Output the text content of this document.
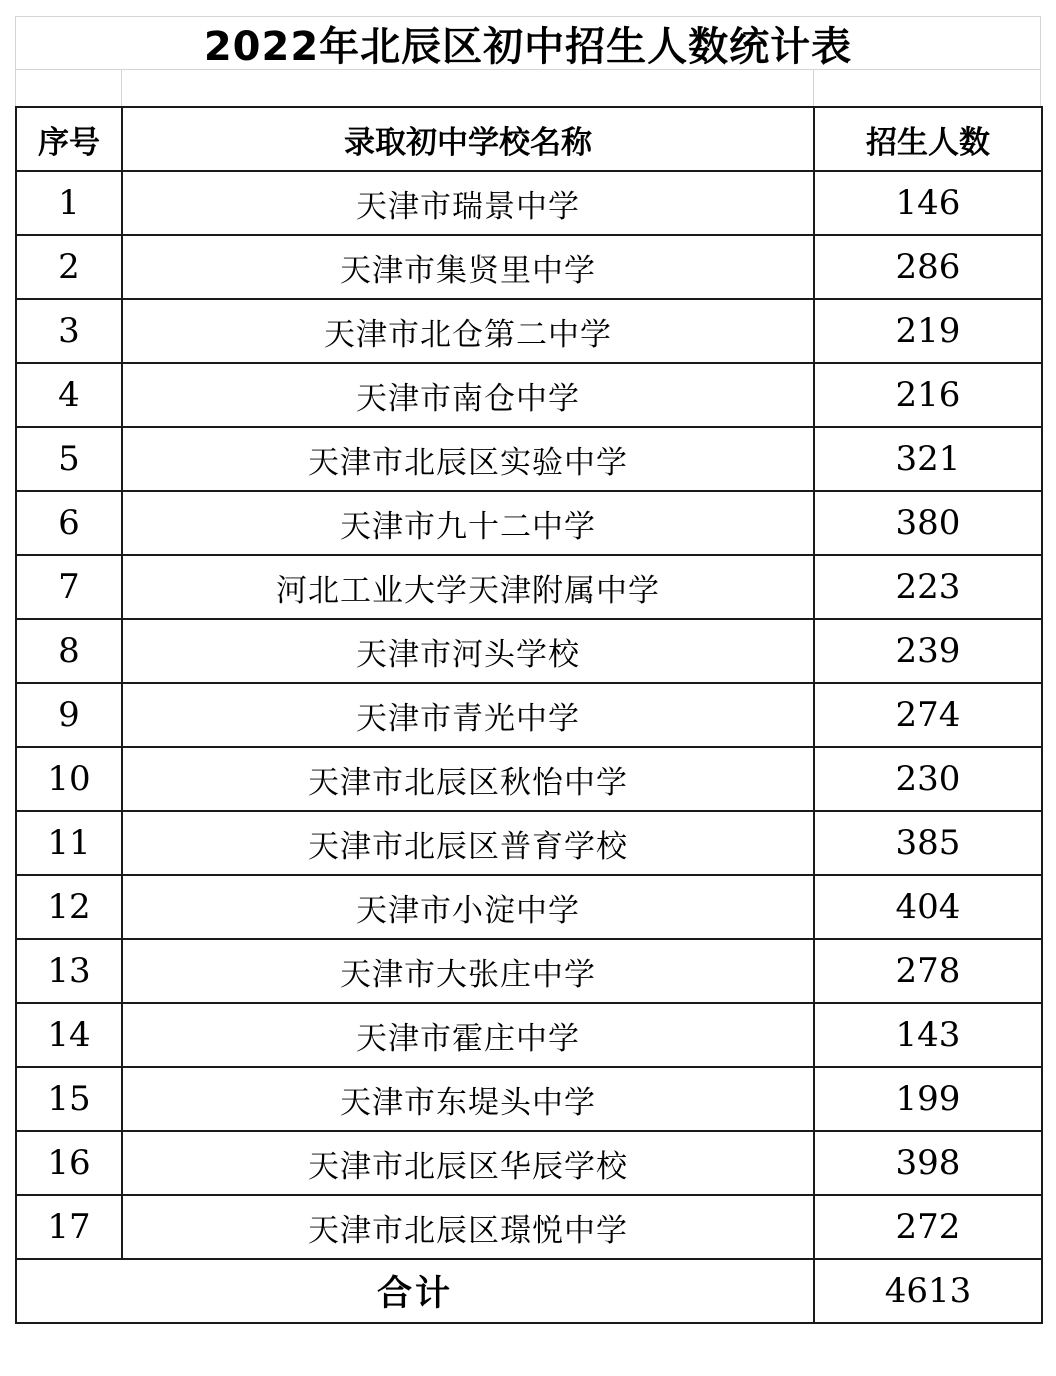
2022年北辰区初中招生人数统计表
序号	录取初中学校名称	招生人数
1	天津市瑞景中学	146
2	天津市集贤里中学	286
3	天津市北仓第二中学	219
4	天津市南仓中学	216
5	天津市北辰区实验中学	321
6	天津市九十二中学	380
7	河北工业大学天津附属中学	223
8	天津市河头学校	239
9	天津市青光中学	274
10	天津市北辰区秋怡中学	230
11	天津市北辰区普育学校	385
12	天津市小淀中学	404
13	天津市大张庄中学	278
14	天津市霍庄中学	143
15	天津市东堤头中学	199
16	天津市北辰区华辰学校	398
17	天津市北辰区璟悦中学	272
合计		4613
